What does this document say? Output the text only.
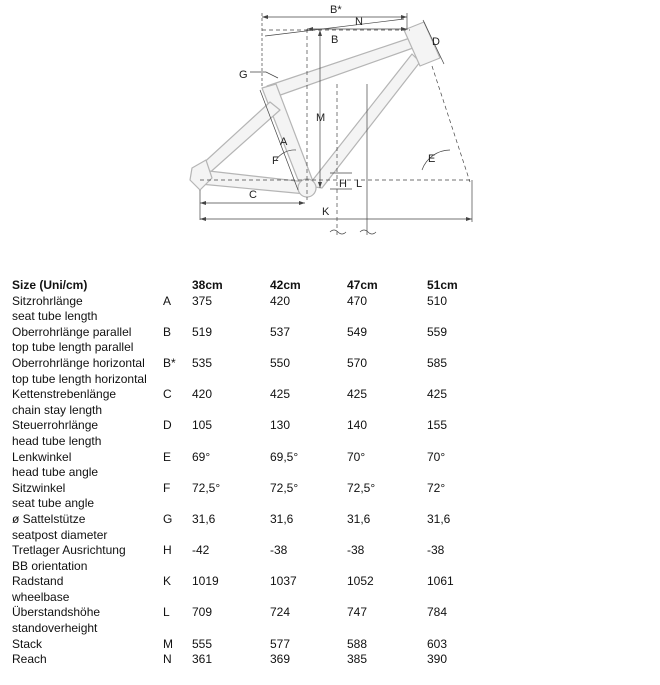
B*
N
B	D
G
M
A
F	E
C
H L
K
Size (Uni/cm)		38cm	42cm	47cm	51cm

Sitzrohrlänge
seat tube length	A	375	420	470	510

Oberrohrlänge parallel
top tube length parallel	B	519	537	549	559

Oberrohrlänge horizontal
top tube length horizontal	B*	535	550	570	585

Kettenstrebenlänge
chain stay length	C	420	425	425	425

Steuerrohrlänge
head tube length	D	105	130	140	155

Lenkwinkel
head tube angle	E	69°	69,5°	70°	70°

Sitzwinkel
seat tube angle	F	72,5°	72,5°	72,5°	72°

ø Sattelstütze
seatpost diameter	G	31,6	31,6	31,6	31,6

Tretlager Ausrichtung
BB orientation	H	-42	-38	-38	-38

Radstand
wheelbase	K	1019	1037	1052	1061

Überstandshöhe
standoverheight	L	709	724	747	784

Stack	M	555	577	588	603

Reach	N	361	369	385	390
